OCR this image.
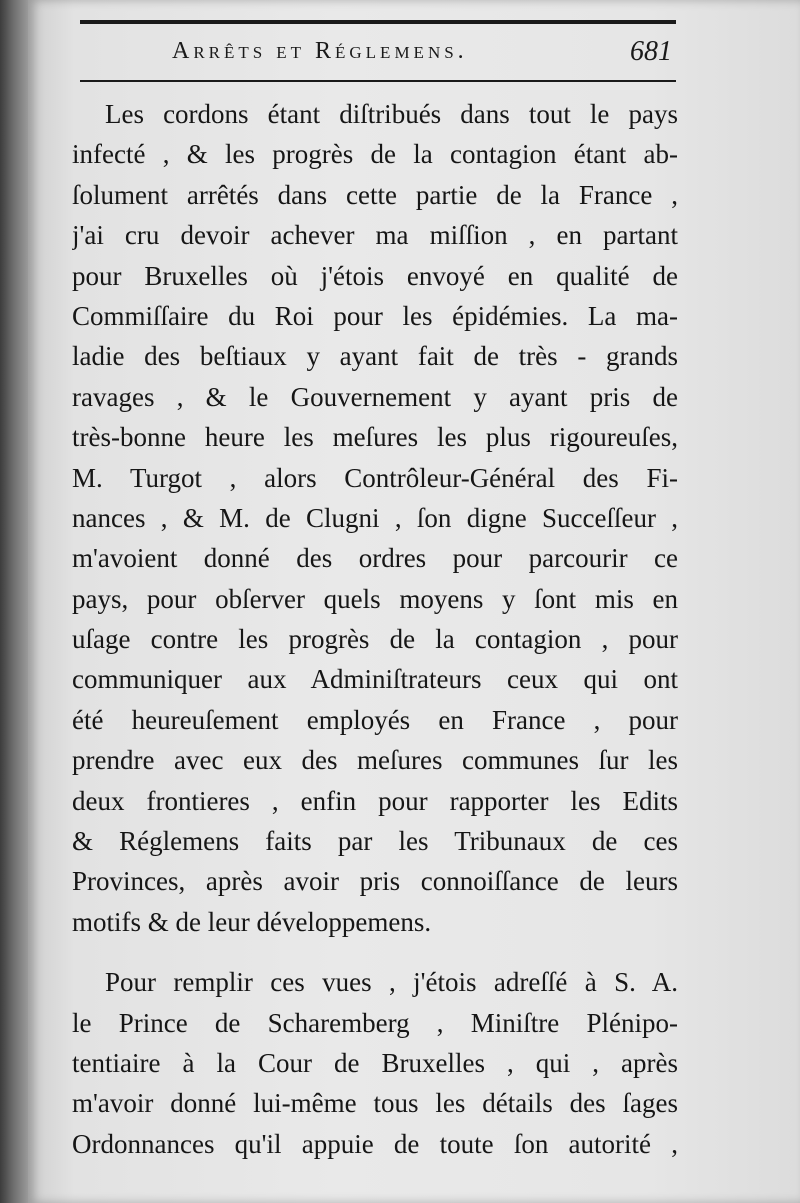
Arrêts et Réglemens.	681
Les cordons étant diſtribués dans tout le pays
infecté , & les progrès de la contagion étant ab-
ſolument arrêtés dans cette partie de la France ,
j'ai cru devoir achever ma miſſion , en partant
pour Bruxelles où j'étois envoyé en qualité de
Commiſſaire du Roi pour les épidémies. La ma-
ladie des beſtiaux y ayant fait de très - grands
ravages , & le Gouvernement y ayant pris de
très-bonne heure les meſures les plus rigoureuſes,
M. Turgot , alors Contrôleur-Général des Fi-
nances , & M. de Clugni , ſon digne Succeſſeur ,
m'avoient donné des ordres pour parcourir ce
pays, pour obſerver quels moyens y ſont mis en
uſage contre les progrès de la contagion , pour
communiquer aux Adminiſtrateurs ceux qui ont
été heureuſement employés en France , pour
prendre avec eux des meſures communes ſur les
deux frontieres , enfin pour rapporter les Edits
& Réglemens faits par les Tribunaux de ces
Provinces, après avoir pris connoiſſance de leurs
motifs & de leur développemens.
Pour remplir ces vues , j'étois adreſſé à S. A.
le Prince de Scharemberg , Miniſtre Plénipo-
tentiaire à la Cour de Bruxelles , qui , après
m'avoir donné lui-même tous les détails des ſages
Ordonnances qu'il appuie de toute ſon autorité ,
